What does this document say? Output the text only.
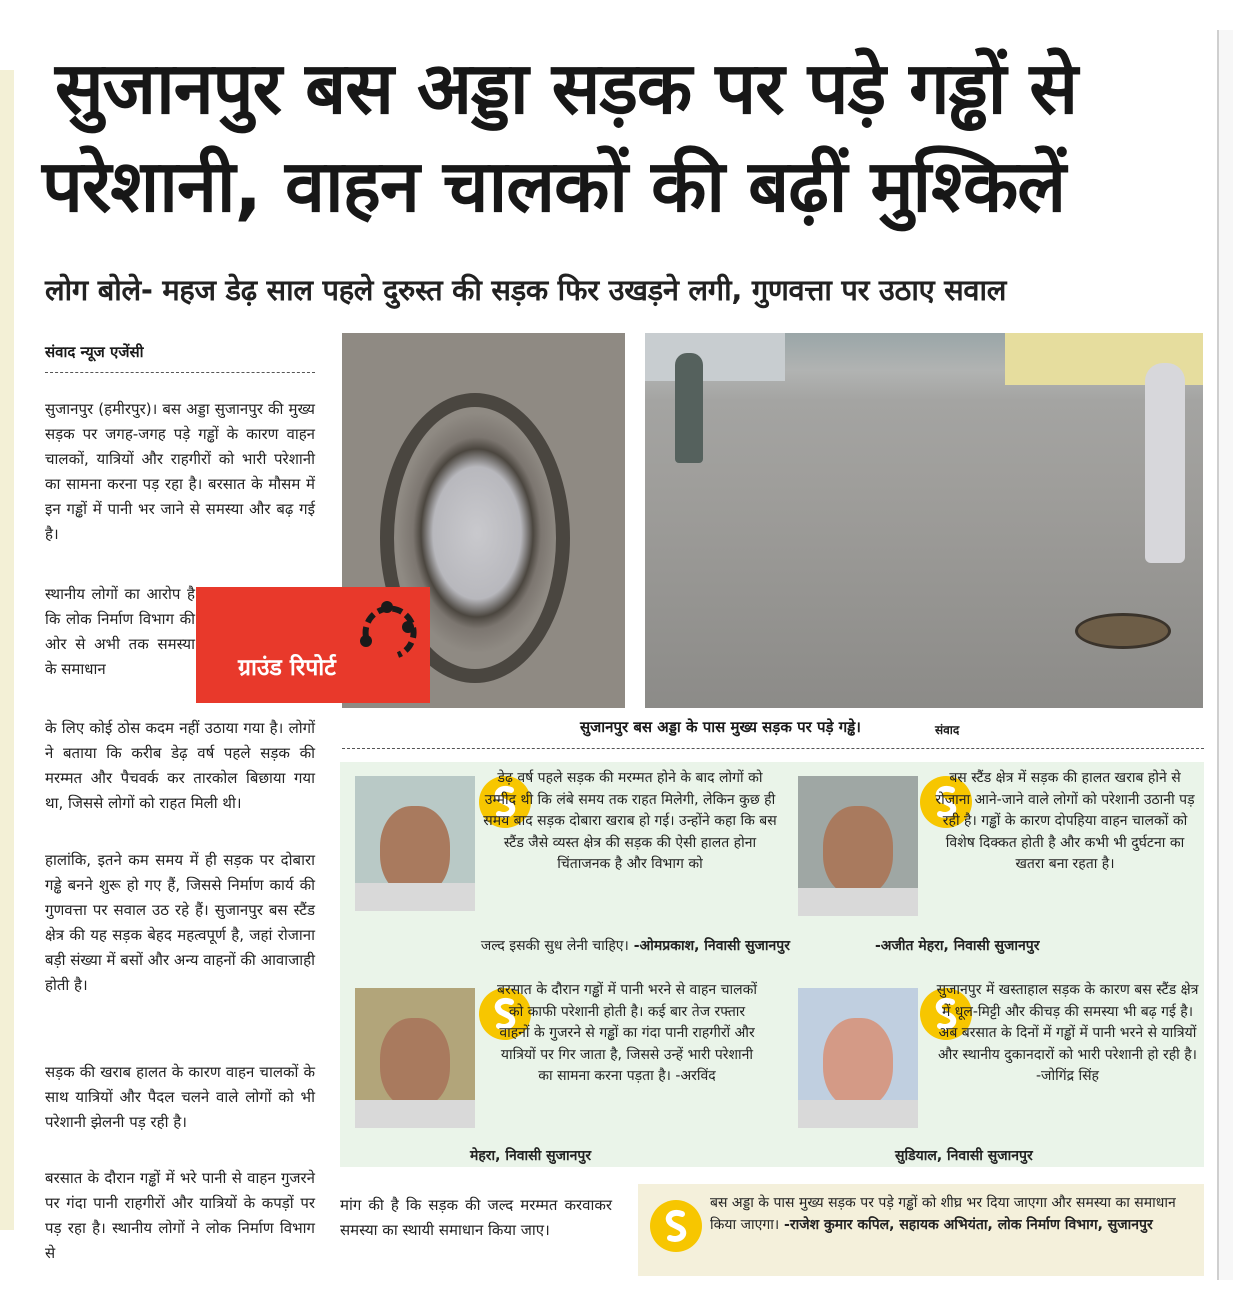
सुजानपुर बस अड्डा सड़क पर पड़े गड्ढों से
परेशानी, वाहन चालकों की बढ़ीं मुश्किलें
लोग बोले- महज डेढ़ साल पहले दुरुस्त की सड़क फिर उखड़ने लगी, गुणवत्ता पर उठाए सवाल
संवाद न्यूज एजेंसी
सुजानपुर (हमीरपुर)। बस अड्डा सुजानपुर की मुख्य सड़क पर जगह-जगह पड़े गड्ढों के कारण वाहन चालकों, यात्रियों और राहगीरों को भारी परेशानी का सामना करना पड़ रहा है। बरसात के मौसम में इन गड्ढों में पानी भर जाने से समस्या और बढ़ गई है।
स्थानीय लोगों का आरोप है कि लोक निर्माण विभाग की ओर से अभी तक समस्या के समाधान
के लिए कोई ठोस कदम नहीं उठाया गया है। लोगों ने बताया कि करीब डेढ़ वर्ष पहले सड़क की मरम्मत और पैचवर्क कर तारकोल बिछाया गया था, जिससे लोगों को राहत मिली थी।
हालांकि, इतने कम समय में ही सड़क पर दोबारा गड्ढे बनने शुरू हो गए हैं, जिससे निर्माण कार्य की गुणवत्ता पर सवाल उठ रहे हैं। सुजानपुर बस स्टैंड क्षेत्र की यह सड़क बेहद महत्वपूर्ण है, जहां रोजाना बड़ी संख्या में बसों और अन्य वाहनों की आवाजाही होती है।
सड़क की खराब हालत के कारण वाहन चालकों के साथ यात्रियों और पैदल चलने वाले लोगों को भी परेशानी झेलनी पड़ रही है।
बरसात के दौरान गड्ढों में भरे पानी से वाहन गुजरने पर गंदा पानी राहगीरों और यात्रियों के कपड़ों पर पड़ रहा है। स्थानीय लोगों ने लोक निर्माण विभाग से
मांग की है कि सड़क की जल्द मरम्मत करवाकर समस्या का स्थायी समाधान किया जाए।
ग्राउंड रिपोर्ट
सुजानपुर बस अड्डा के पास मुख्य सड़क पर पड़े गड्ढे।	संवाद
डेढ़ वर्ष पहले सड़क की मरम्मत होने के बाद लोगों को उम्मीद थी कि लंबे समय तक राहत मिलेगी, लेकिन कुछ ही समय बाद सड़क दोबारा खराब हो गई। उन्होंने कहा कि बस स्टैंड जैसे व्यस्त क्षेत्र की सड़क की ऐसी हालत होना चिंताजनक है और विभाग को
जल्द इसकी सुध लेनी चाहिए। -ओमप्रकाश, निवासी सुजानपुर
बस स्टैंड क्षेत्र में सड़क की हालत खराब होने से रोजाना आने-जाने वाले लोगों को परेशानी उठानी पड़ रही है। गड्ढों के कारण दोपहिया वाहन चालकों को विशेष दिक्कत होती है और कभी भी दुर्घटना का खतरा बना रहता है।
-अजीत मेहरा, निवासी सुजानपुर
बरसात के दौरान गड्ढों में पानी भरने से वाहन चालकों को काफी परेशानी होती है। कई बार तेज रफ्तार वाहनों के गुजरने से गड्ढों का गंदा पानी राहगीरों और यात्रियों पर गिर जाता है, जिससे उन्हें भारी परेशानी का सामना करना पड़ता है। -अरविंद
मेहरा, निवासी सुजानपुर
सुजानपुर में खस्ताहाल सड़क के कारण बस स्टैंड क्षेत्र में धूल-मिट्टी और कीचड़ की समस्या भी बढ़ गई है। अब बरसात के दिनों में गड्ढों में पानी भरने से यात्रियों और स्थानीय दुकानदारों को भारी परेशानी हो रही है। -जोगिंद्र सिंह
सुडियाल, निवासी सुजानपुर
बस अड्डा के पास मुख्य सड़क पर पड़े गड्ढों को शीघ्र भर दिया जाएगा और समस्या का समाधान किया जाएगा। -राजेश कुमार कपिल, सहायक अभियंता, लोक निर्माण विभाग, सुजानपुर
